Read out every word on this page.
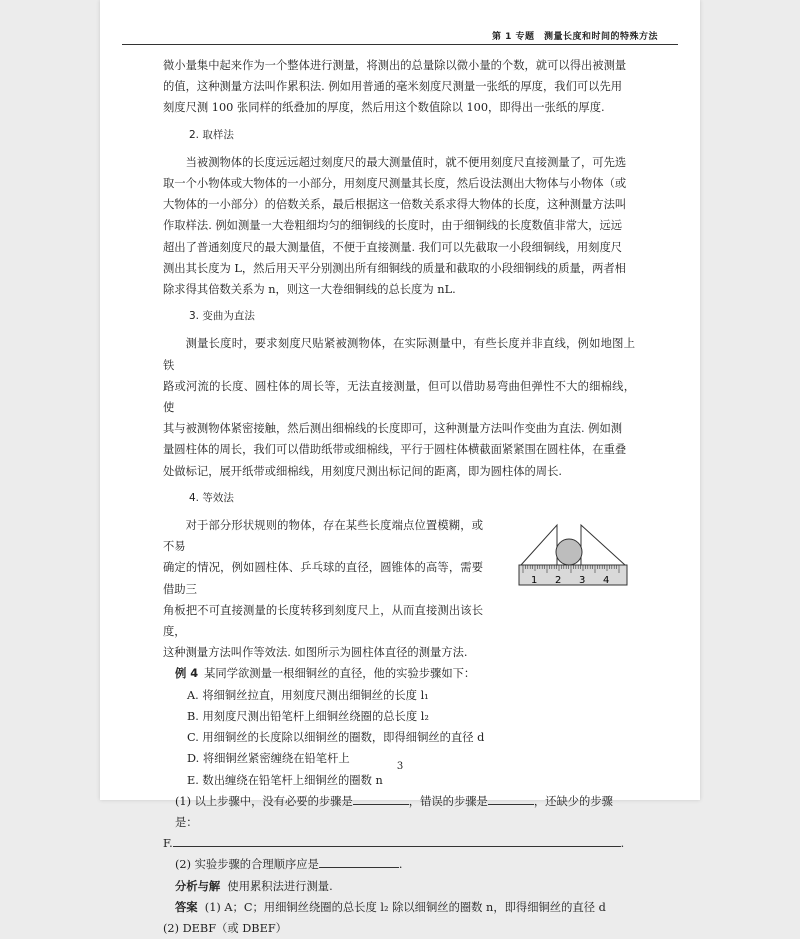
第 1 专题　测量长度和时间的特殊方法

微小量集中起来作为一个整体进行测量，将测出的总量除以微小量的个数，就可以得出被测量

的值，这种测量方法叫作累积法. 例如用普通的毫米刻度尺测量一张纸的厚度，我们可以先用

刻度尺测 100 张同样的纸叠加的厚度，然后用这个数值除以 100，即得出一张纸的厚度.

2. 取样法

当被测物体的长度远远超过刻度尺的最大测量值时，就不便用刻度尺直接测量了，可先选

取一个小物体或大物体的一小部分，用刻度尺测量其长度，然后设法测出大物体与小物体（或

大物体的一小部分）的倍数关系，最后根据这一倍数关系求得大物体的长度，这种测量方法叫

作取样法. 例如测量一大卷粗细均匀的细铜线的长度时，由于细铜线的长度数值非常大，远远

超出了普通刻度尺的最大测量值，不便于直接测量. 我们可以先截取一小段细铜线，用刻度尺

测出其长度为 L，然后用天平分别测出所有细铜线的质量和截取的小段细铜线的质量，两者相

除求得其倍数关系为 n，则这一大卷细铜线的总长度为 nL.

3. 变曲为直法

测量长度时，要求刻度尺贴紧被测物体，在实际测量中，有些长度并非直线，例如地图上铁

路或河流的长度、圆柱体的周长等，无法直接测量，但可以借助易弯曲但弹性不大的细棉线，使

其与被测物体紧密接触，然后测出细棉线的长度即可，这种测量方法叫作变曲为直法. 例如测

量圆柱体的周长，我们可以借助纸带或细棉线，平行于圆柱体横截面紧紧围在圆柱体，在重叠

处做标记，展开纸带或细棉线，用刻度尺测出标记间的距离，即为圆柱体的周长.

4. 等效法

对于部分形状规则的物体，存在某些长度端点位置模糊，或不易

确定的情况，例如圆柱体、乒乓球的直径，圆锥体的高等，需要借助三

角板把不可直接测量的长度转移到刻度尺上，从而直接测出该长度，

这种测量方法叫作等效法. 如图所示为圆柱体直径的测量方法.

1 2 3 4

例 4 某同学欲测量一根细铜丝的直径，他的实验步骤如下：

A. 将细铜丝拉直，用刻度尺测出细铜丝的长度 l₁

B. 用刻度尺测出铅笔杆上细铜丝绕圈的总长度 l₂

C. 用细铜丝的长度除以细铜丝的圈数，即得细铜丝的直径 d

D. 将细铜丝紧密缠绕在铅笔杆上

E. 数出缠绕在铅笔杆上细铜丝的圈数 n

(1) 以上步骤中，没有必要的步骤是	，错误的步骤是	，还缺少的步骤是：

F.	.

(2) 实验步骤的合理顺序应是	.

分析与解 使用累积法进行测量.

答案 (1) A；C；用细铜丝绕圈的总长度 l₂ 除以细铜丝的圈数 n，即得细铜丝的直径 d

(2) DEBF（或 DBEF）

3
